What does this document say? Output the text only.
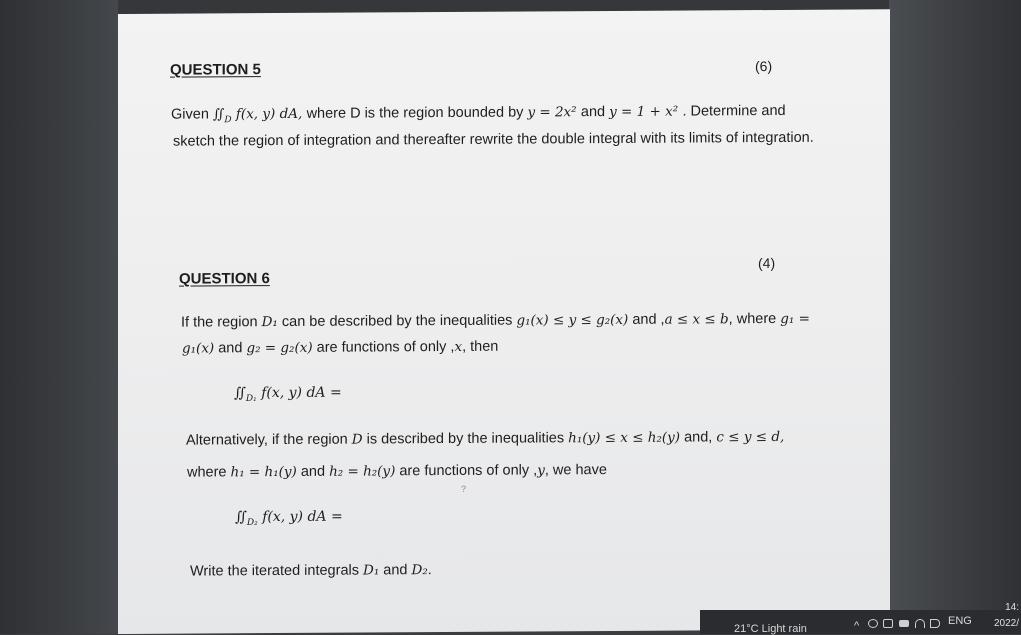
QUESTION 5	(6)
Given $∬_D$ f(x, y) dA, where D is the region bounded by y = 2x² and y = 1 + x² . Determine and
sketch the region of integration and thereafter rewrite the double integral with its limits of integration.
(4)
QUESTION 6
If the region D₁ can be described by the inequalities g₁(x) ≤ y ≤ g₂(x) and ,a ≤ x ≤ b, where g₁ =
g₁(x) and g₂ = g₂(x) are functions of only ,x, then
$∬_{D_1}$ f(x, y) dA =
Alternatively, if the region D is described by the inequalities h₁(y) ≤ x ≤ h₂(y) and, c ≤ y ≤ d,
where h₁ = h₁(y) and h₂ = h₂(y) are functions of only ,y, we have
?
$∬_{D_2}$ f(x, y) dA =
Write the iterated integrals D₁ and D₂.
21°C Light rain	^	ENG
14:
2022/
